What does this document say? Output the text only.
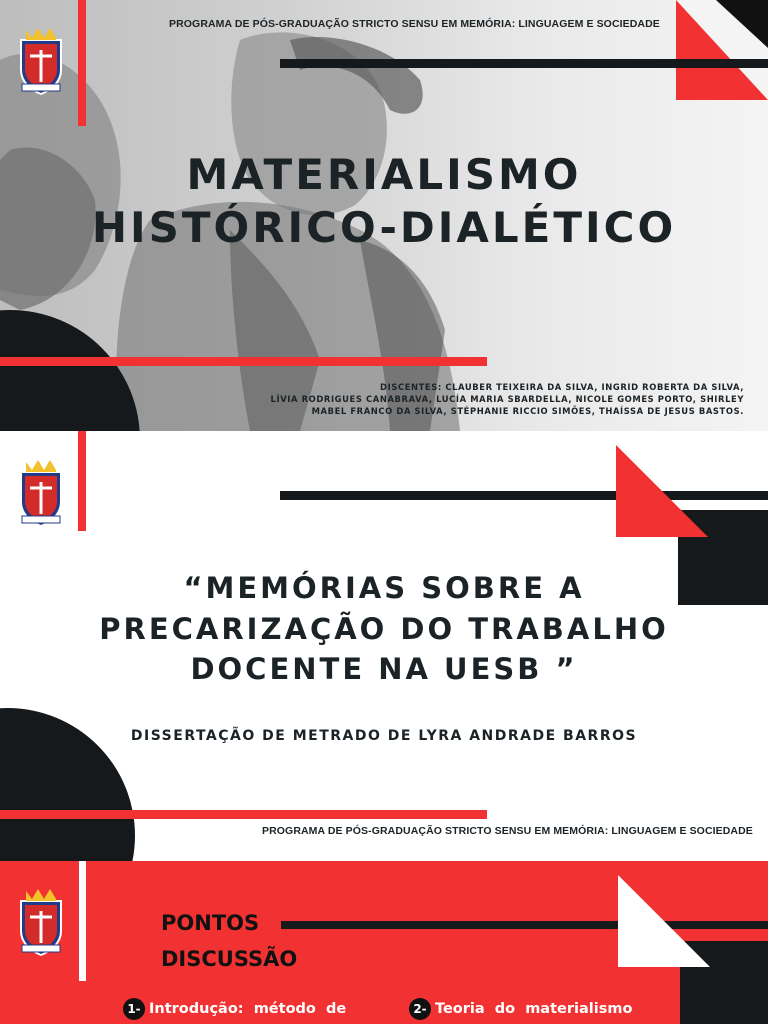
PROGRAMA DE PÓS-GRADUAÇÃO STRICTO SENSU EM MEMÓRIA: LINGUAGEM E SOCIEDADE
MATERIALISMO
HISTÓRICO-DIALÉTICO
DISCENTES: CLAUBER TEIXEIRA DA SILVA, INGRID ROBERTA DA SILVA,
LÍVIA RODRIGUES CANABRAVA, LUCÍA MARIA SBARDELLA, NICOLE GOMES PORTO, SHIRLEY
MABEL FRANCO DA SILVA, STÉPHANIE RICCIO SIMÕES, THAÍSSA DE JESUS BASTOS.
“MEMÓRIAS SOBRE A
PRECARIZAÇÃO DO TRABALHO
DOCENTE NA UESB ”
DISSERTAÇÃO DE METRADO DE LYRA ANDRADE BARROS
PROGRAMA DE PÓS-GRADUAÇÃO STRICTO SENSU EM MEMÓRIA: LINGUAGEM E SOCIEDADE
PONTOS
DISCUSSÃO
1- Introdução:  método  de	2- Teoria  do  materialismo
